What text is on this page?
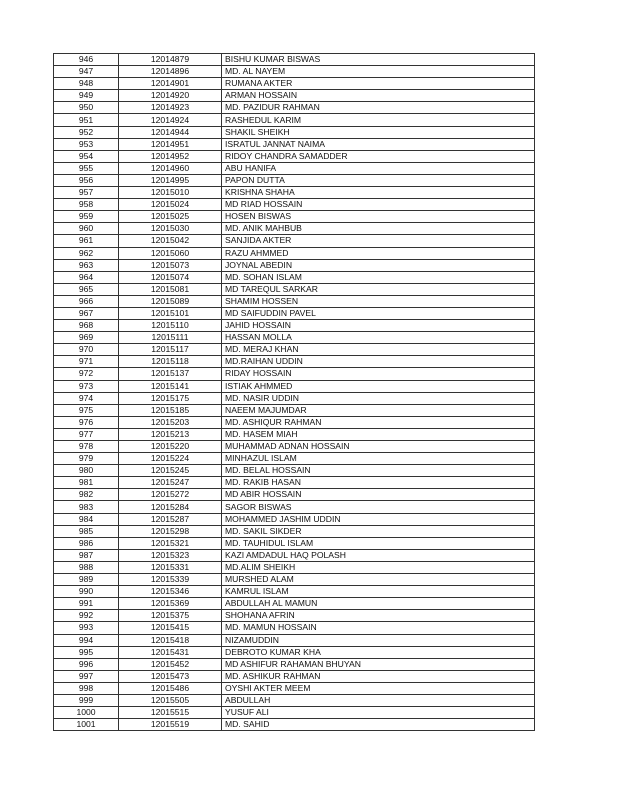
946	12014879	BISHU KUMAR BISWAS
947	12014896	MD. AL NAYEM
948	12014901	RUMANA AKTER
949	12014920	ARMAN HOSSAIN
950	12014923	MD. PAZIDUR RAHMAN
951	12014924	RASHEDUL KARIM
952	12014944	SHAKIL SHEIKH
953	12014951	ISRATUL JANNAT NAIMA
954	12014952	RIDOY CHANDRA SAMADDER
955	12014960	ABU HANIFA
956	12014995	PAPON DUTTA
957	12015010	KRISHNA SHAHA
958	12015024	MD RIAD HOSSAIN
959	12015025	HOSEN BISWAS
960	12015030	MD. ANIK MAHBUB
961	12015042	SANJIDA AKTER
962	12015060	RAZU AHMMED
963	12015073	JOYNAL ABEDIN
964	12015074	MD. SOHAN ISLAM
965	12015081	MD TAREQUL SARKAR
966	12015089	SHAMIM HOSSEN
967	12015101	MD SAIFUDDIN PAVEL
968	12015110	JAHID HOSSAIN
969	12015111	HASSAN MOLLA
970	12015117	MD. MERAJ KHAN
971	12015118	MD.RAIHAN UDDIN
972	12015137	RIDAY HOSSAIN
973	12015141	ISTIAK AHMMED
974	12015175	MD. NASIR UDDIN
975	12015185	NAEEM MAJUMDAR
976	12015203	MD. ASHIQUR RAHMAN
977	12015213	MD. HASEM MIAH
978	12015220	MUHAMMAD ADNAN HOSSAIN
979	12015224	MINHAZUL ISLAM
980	12015245	MD. BELAL HOSSAIN
981	12015247	MD. RAKIB HASAN
982	12015272	MD ABIR HOSSAIN
983	12015284	SAGOR BISWAS
984	12015287	MOHAMMED JASHIM UDDIN
985	12015298	MD. SAKIL SIKDER
986	12015321	MD. TAUHIDUL ISLAM
987	12015323	KAZI AMDADUL HAQ POLASH
988	12015331	MD.ALIM SHEIKH
989	12015339	MURSHED ALAM
990	12015346	KAMRUL ISLAM
991	12015369	ABDULLAH AL MAMUN
992	12015375	SHOHANA AFRIN
993	12015415	MD. MAMUN HOSSAIN
994	12015418	NIZAMUDDIN
995	12015431	DEBROTO KUMAR KHA
996	12015452	MD ASHIFUR RAHAMAN BHUYAN
997	12015473	MD. ASHIKUR RAHMAN
998	12015486	OYSHI AKTER MEEM
999	12015505	ABDULLAH
1000	12015515	YUSUF ALI
1001	12015519	MD. SAHID
